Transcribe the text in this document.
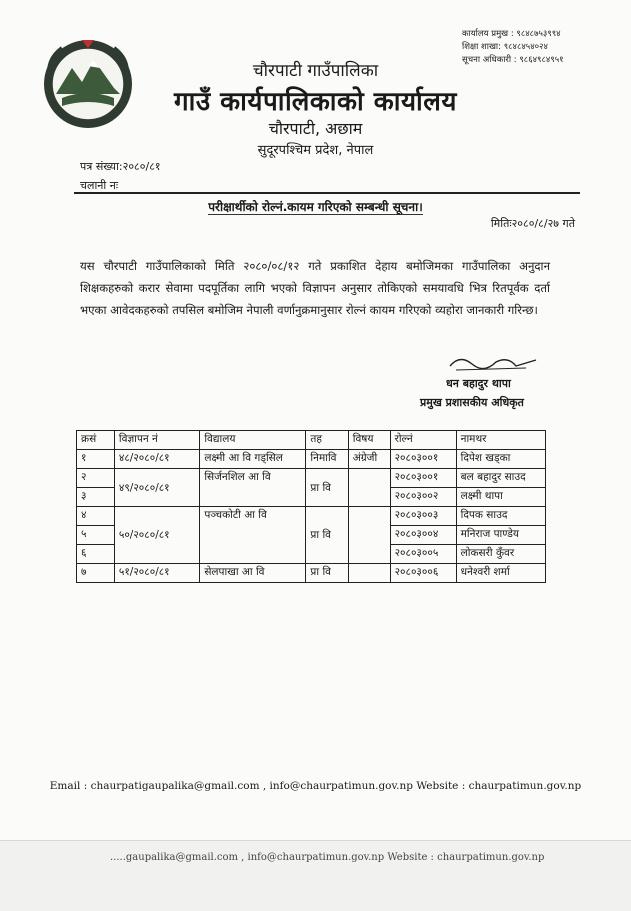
कार्यालय प्रमुख : ९८४८७५३९९४
शिक्षा शाखा: ९८४८४५४०२४
सूचना अधिकारी : ९८६४९८४९५१
चौरपाटी गाउँपालिका
गाउँ कार्यपालिकाको कार्यालय
चौरपाटी, अछाम
सुदूरपश्चिम प्रदेश, नेपाल
पत्र संख्या:२०८०/८१
चलानी नः
परीक्षार्थीको रोल्नं.कायम गरिएको सम्बन्धी सूचना।
मितिः२०८०/८/२७ गते
यस चौरपाटी गाउँपालिकाको मिति २०८०/०८/१२ गते प्रकाशित देहाय बमोजिमका गाउँपालिका अनुदान शिक्षकहरुको करार सेवामा पदपूर्तिका लागि भएको विज्ञापन अनुसार तोकिएको समयावधि भित्र रितपूर्वक दर्ता भएका आवेदकहरुको तपसिल बमोजिम नेपाली वर्णानुक्रमानुसार रोल्नं कायम गरिएको व्यहोरा जानकारी गरिन्छ।
धन बहादुर थापा
प्रमुख प्रशासकीय अधिकृत
क्रसं	विज्ञापन नं	विद्यालय	तह	विषय	रोल्नं	नामथर
१	४८/२०८०/८१	लक्ष्मी आ वि गड्सिल	निमावि	अंग्रेजी	२०८०३००१	दिपेश खड्का
२	४९/२०८०/८१	सिर्जनशिल आ वि	प्रा वि		२०८०३००१	बल बहादुर साउद
३					२०८०३००२	लक्ष्मी थापा
४	५०/२०८०/८१	पञ्चकोटी आ वि	प्रा वि		२०८०३००३	दिपक साउद
५					२०८०३००४	मनिराज पाण्डेय
६					२०८०३००५	लोकसरी कुँवर
७	५१/२०८०/८१	सेलपाखा आ वि	प्रा वि		२०८०३००६	धनेश्वरी शर्मा
Email : chaurpatigaupalika@gmail.com , info@chaurpatimun.gov.np Website : chaurpatimun.gov.np
.....gaupalika@gmail.com , info@chaurpatimun.gov.np Website : chaurpatimun.gov.np
